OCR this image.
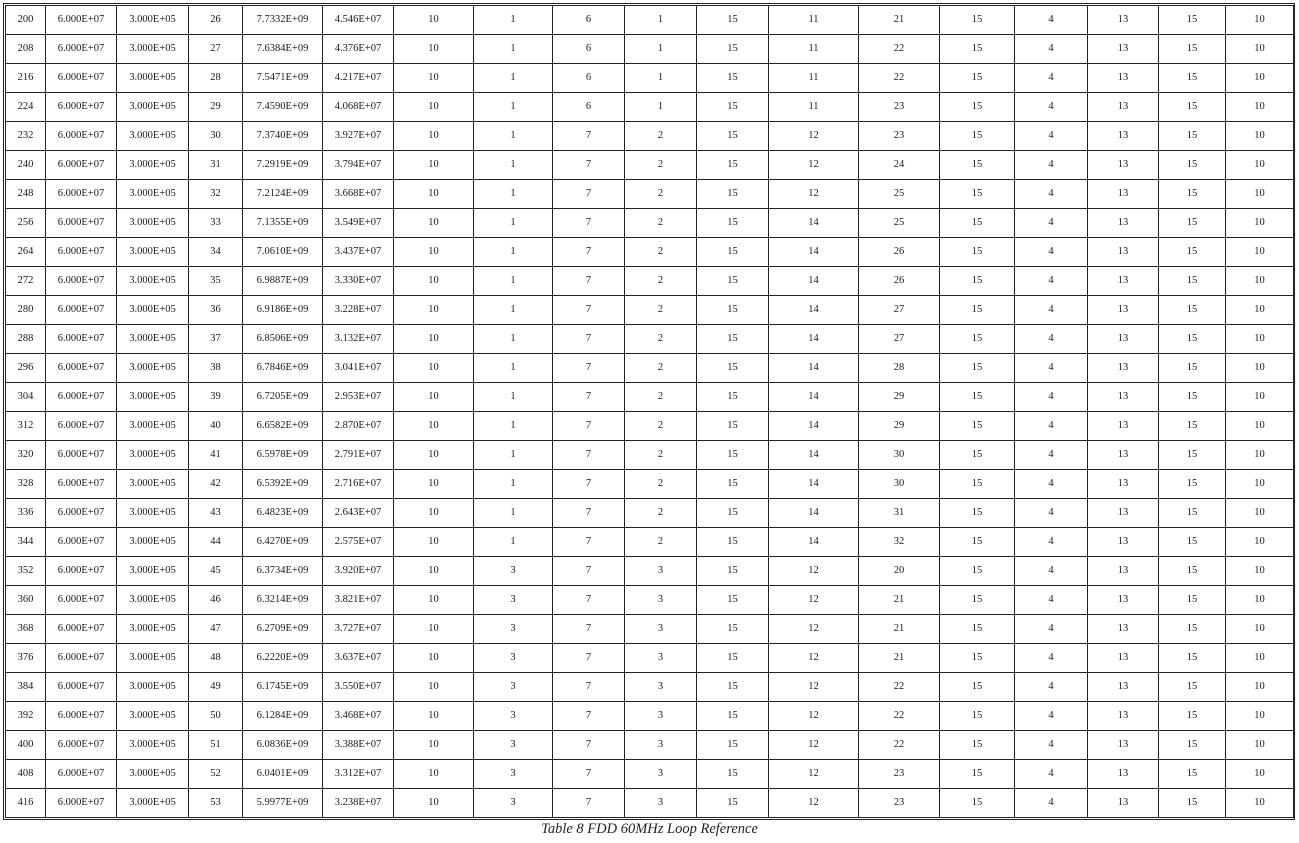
200	6.000E+07	3.000E+05	26	7.7332E+09	4.546E+07	10	1	6	1	15	11	21	15	4	13	15	10
208	6.000E+07	3.000E+05	27	7.6384E+09	4.376E+07	10	1	6	1	15	11	22	15	4	13	15	10
216	6.000E+07	3.000E+05	28	7.5471E+09	4.217E+07	10	1	6	1	15	11	22	15	4	13	15	10
224	6.000E+07	3.000E+05	29	7.4590E+09	4.068E+07	10	1	6	1	15	11	23	15	4	13	15	10
232	6.000E+07	3.000E+05	30	7.3740E+09	3.927E+07	10	1	7	2	15	12	23	15	4	13	15	10
240	6.000E+07	3.000E+05	31	7.2919E+09	3.794E+07	10	1	7	2	15	12	24	15	4	13	15	10
248	6.000E+07	3.000E+05	32	7.2124E+09	3.668E+07	10	1	7	2	15	12	25	15	4	13	15	10
256	6.000E+07	3.000E+05	33	7.1355E+09	3.549E+07	10	1	7	2	15	14	25	15	4	13	15	10
264	6.000E+07	3.000E+05	34	7.0610E+09	3.437E+07	10	1	7	2	15	14	26	15	4	13	15	10
272	6.000E+07	3.000E+05	35	6.9887E+09	3.330E+07	10	1	7	2	15	14	26	15	4	13	15	10
280	6.000E+07	3.000E+05	36	6.9186E+09	3.228E+07	10	1	7	2	15	14	27	15	4	13	15	10
288	6.000E+07	3.000E+05	37	6.8506E+09	3.132E+07	10	1	7	2	15	14	27	15	4	13	15	10
296	6.000E+07	3.000E+05	38	6.7846E+09	3.041E+07	10	1	7	2	15	14	28	15	4	13	15	10
304	6.000E+07	3.000E+05	39	6.7205E+09	2.953E+07	10	1	7	2	15	14	29	15	4	13	15	10
312	6.000E+07	3.000E+05	40	6.6582E+09	2.870E+07	10	1	7	2	15	14	29	15	4	13	15	10
320	6.000E+07	3.000E+05	41	6.5978E+09	2.791E+07	10	1	7	2	15	14	30	15	4	13	15	10
328	6.000E+07	3.000E+05	42	6.5392E+09	2.716E+07	10	1	7	2	15	14	30	15	4	13	15	10
336	6.000E+07	3.000E+05	43	6.4823E+09	2.643E+07	10	1	7	2	15	14	31	15	4	13	15	10
344	6.000E+07	3.000E+05	44	6.4270E+09	2.575E+07	10	1	7	2	15	14	32	15	4	13	15	10
352	6.000E+07	3.000E+05	45	6.3734E+09	3.920E+07	10	3	7	3	15	12	20	15	4	13	15	10
360	6.000E+07	3.000E+05	46	6.3214E+09	3.821E+07	10	3	7	3	15	12	21	15	4	13	15	10
368	6.000E+07	3.000E+05	47	6.2709E+09	3.727E+07	10	3	7	3	15	12	21	15	4	13	15	10
376	6.000E+07	3.000E+05	48	6.2220E+09	3.637E+07	10	3	7	3	15	12	21	15	4	13	15	10
384	6.000E+07	3.000E+05	49	6.1745E+09	3.550E+07	10	3	7	3	15	12	22	15	4	13	15	10
392	6.000E+07	3.000E+05	50	6.1284E+09	3.468E+07	10	3	7	3	15	12	22	15	4	13	15	10
400	6.000E+07	3.000E+05	51	6.0836E+09	3.388E+07	10	3	7	3	15	12	22	15	4	13	15	10
408	6.000E+07	3.000E+05	52	6.0401E+09	3.312E+07	10	3	7	3	15	12	23	15	4	13	15	10
416	6.000E+07	3.000E+05	53	5.9977E+09	3.238E+07	10	3	7	3	15	12	23	15	4	13	15	10
Table 8 FDD 60MHz Loop Reference
